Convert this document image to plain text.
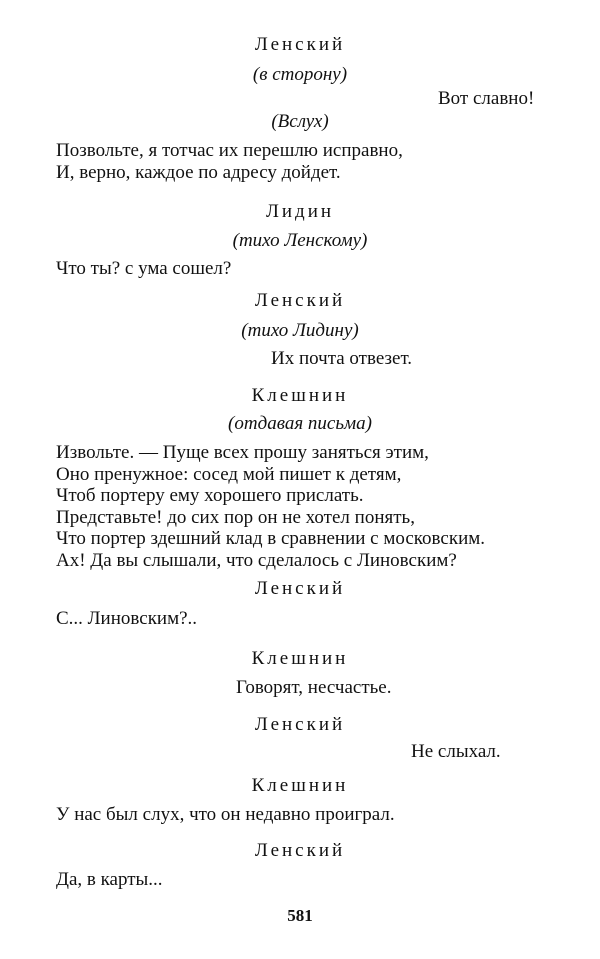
Ленский
(в сторону)
Вот славно!
(Вслух)
Позвольте, я тотчас их перешлю исправно,
И, верно, каждое по адресу дойдет.
Лидин
(тихо Ленскому)
Что ты? с ума сошел?
Ленский
(тихо Лидину)
Их почта отвезет.
Клешнин
(отдавая письма)
Извольте. — Пуще всех прошу заняться этим,
Оно пренужное: сосед мой пишет к детям,
Чтоб портеру ему хорошего прислать.
Представьте! до сих пор он не хотел понять,
Что портер здешний клад в сравнении с московским.
Ах! Да вы слышали, что сделалось с Линовским?
Ленский
С... Линовским?..
Клешнин
Говорят, несчастье.
Ленский
Не слыхал.
Клешнин
У нас был слух, что он недавно проиграл.
Ленский
Да, в карты...
581
